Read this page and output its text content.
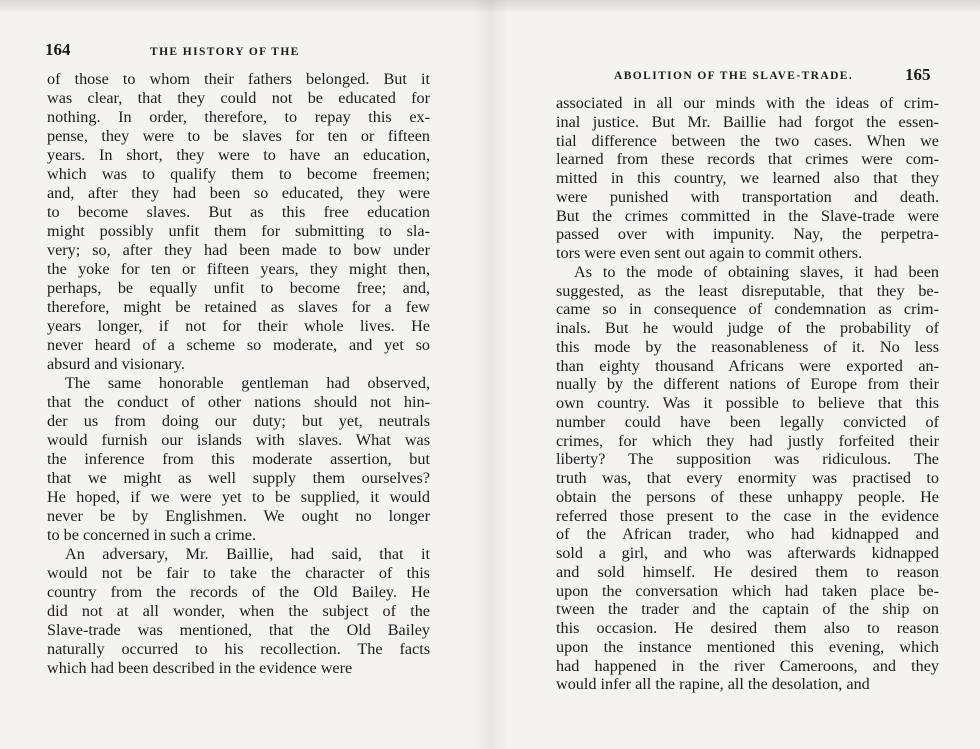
164	THE HISTORY OF THE
of those to whom their fathers belonged. But it
was clear, that they could not be educated for
nothing. In order, therefore, to repay this ex-
pense, they were to be slaves for ten or fifteen
years. In short, they were to have an education,
which was to qualify them to become freemen;
and, after they had been so educated, they were
to become slaves. But as this free education
might possibly unfit them for submitting to sla-
very; so, after they had been made to bow under
the yoke for ten or fifteen years, they might then,
perhaps, be equally unfit to become free; and,
therefore, might be retained as slaves for a few
years longer, if not for their whole lives. He
never heard of a scheme so moderate, and yet so
absurd and visionary.
The same honorable gentleman had observed,
that the conduct of other nations should not hin-
der us from doing our duty; but yet, neutrals
would furnish our islands with slaves. What was
the inference from this moderate assertion, but
that we might as well supply them ourselves?
He hoped, if we were yet to be supplied, it would
never be by Englishmen. We ought no longer
to be concerned in such a crime.
An adversary, Mr. Baillie, had said, that it
would not be fair to take the character of this
country from the records of the Old Bailey. He
did not at all wonder, when the subject of the
Slave-trade was mentioned, that the Old Bailey
naturally occurred to his recollection. The facts
which had been described in the evidence were
ABOLITION OF THE SLAVE-TRADE.	165
associated in all our minds with the ideas of crim-
inal justice. But Mr. Baillie had forgot the essen-
tial difference between the two cases. When we
learned from these records that crimes were com-
mitted in this country, we learned also that they
were punished with transportation and death.
But the crimes committed in the Slave-trade were
passed over with impunity. Nay, the perpetra-
tors were even sent out again to commit others.
As to the mode of obtaining slaves, it had been
suggested, as the least disreputable, that they be-
came so in consequence of condemnation as crim-
inals. But he would judge of the probability of
this mode by the reasonableness of it. No less
than eighty thousand Africans were exported an-
nually by the different nations of Europe from their
own country. Was it possible to believe that this
number could have been legally convicted of
crimes, for which they had justly forfeited their
liberty? The supposition was ridiculous. The
truth was, that every enormity was practised to
obtain the persons of these unhappy people. He
referred those present to the case in the evidence
of the African trader, who had kidnapped and
sold a girl, and who was afterwards kidnapped
and sold himself. He desired them to reason
upon the conversation which had taken place be-
tween the trader and the captain of the ship on
this occasion. He desired them also to reason
upon the instance mentioned this evening, which
had happened in the river Cameroons, and they
would infer all the rapine, all the desolation, and
